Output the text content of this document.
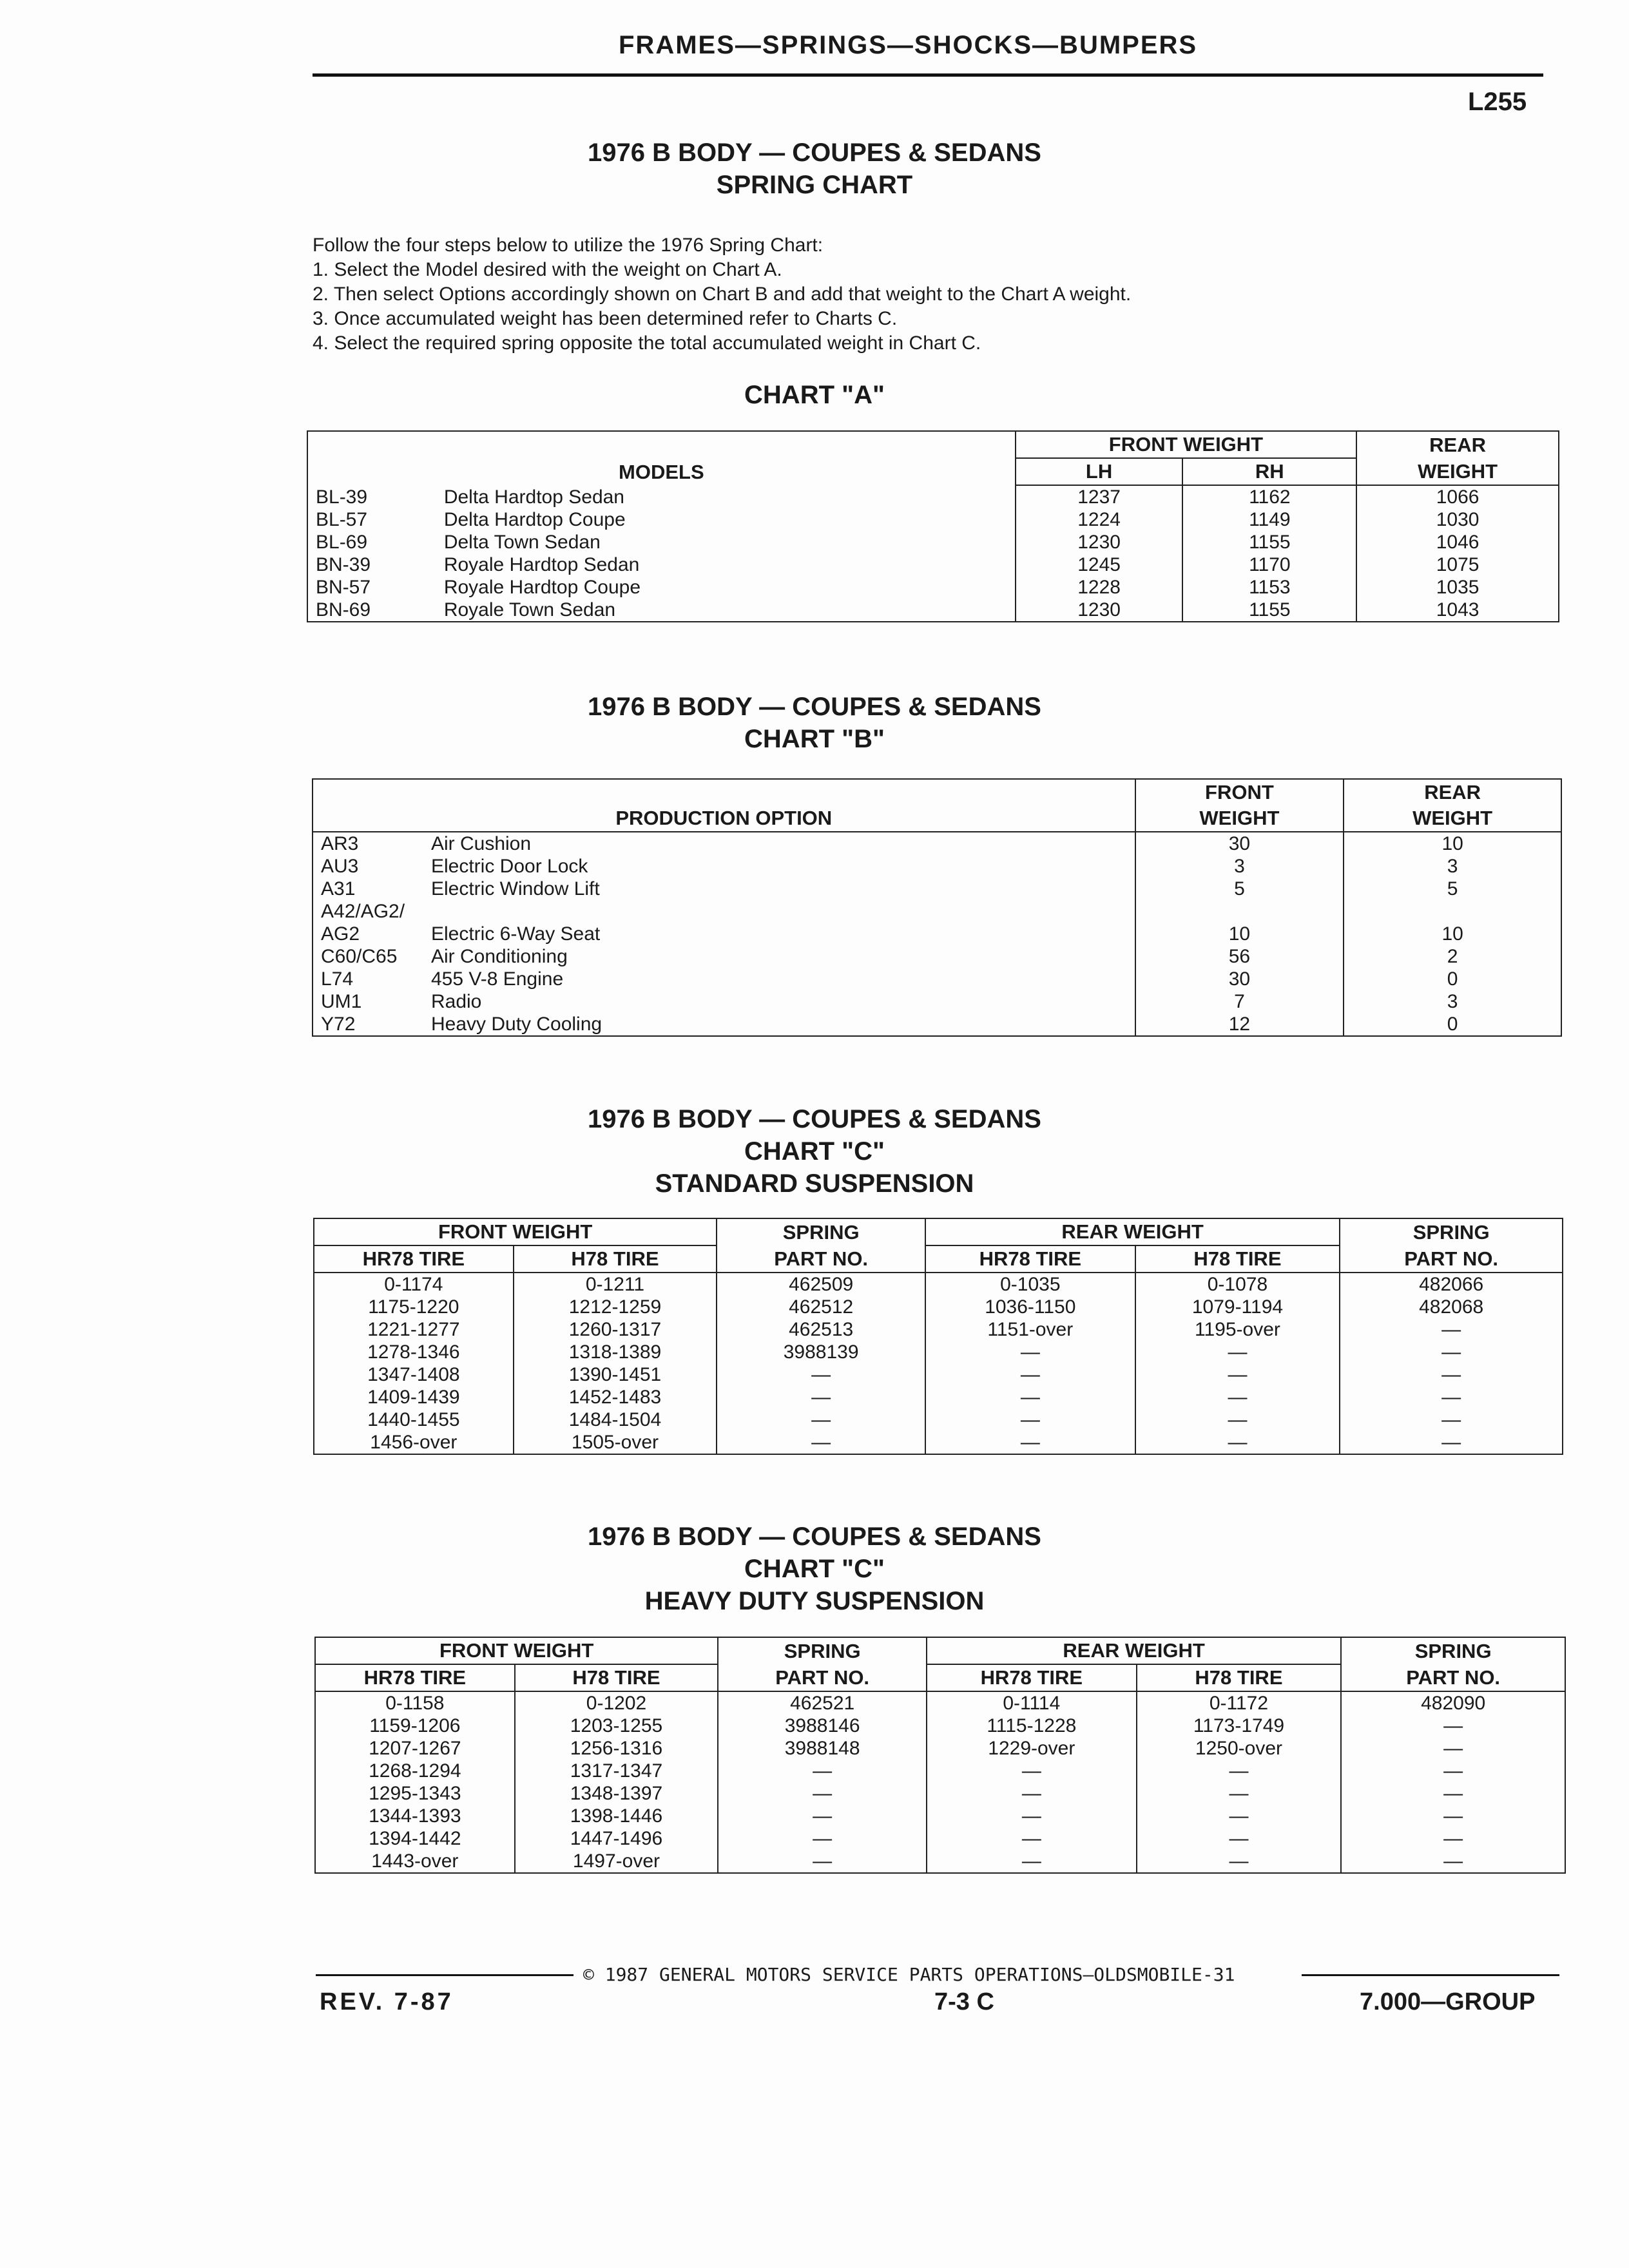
FRAMES—SPRINGS—SHOCKS—BUMPERS
L255
1976 B BODY — COUPES & SEDANS
SPRING CHART
Follow the four steps below to utilize the 1976 Spring Chart:
1. Select the Model desired with the weight on Chart A.
2. Then select Options accordingly shown on Chart B and add that weight to the Chart A weight.
3. Once accumulated weight has been determined refer to Charts C.
4. Select the required spring opposite the total accumulated weight in Chart C.
CHART "A"
MODELS		FRONT WEIGHT		REAR
		LH	RH	WEIGHT
BL-39	Delta Hardtop Sedan	1237	1162	1066
BL-57	Delta Hardtop Coupe	1224	1149	1030
BL-69	Delta Town Sedan	1230	1155	1046
BN-39	Royale Hardtop Sedan	1245	1170	1075
BN-57	Royale Hardtop Coupe	1228	1153	1035
BN-69	Royale Town Sedan	1230	1155	1043
1976 B BODY — COUPES & SEDANS
CHART "B"
PRODUCTION OPTION		FRONT	REAR
		WEIGHT	WEIGHT
AR3	Air Cushion	30	10
AU3	Electric Door Lock	3	3
A31	Electric Window Lift	5	5
A42/AG2/			
AG2	Electric 6-Way Seat	10	10
C60/C65	Air Conditioning	56	2
L74	455 V-8 Engine	30	0
UM1	Radio	7	3
Y72	Heavy Duty Cooling	12	0
1976 B BODY — COUPES & SEDANS
CHART "C"
STANDARD SUSPENSION
FRONT WEIGHT		SPRING	REAR WEIGHT		SPRING
HR78 TIRE	H78 TIRE	PART NO.	HR78 TIRE	H78 TIRE	PART NO.
0-1174	0-1211	462509	0-1035	0-1078	482066
1175-1220	1212-1259	462512	1036-1150	1079-1194	482068
1221-1277	1260-1317	462513	1151-over	1195-over	—
1278-1346	1318-1389	3988139	—	—	—
1347-1408	1390-1451	—	—	—	—
1409-1439	1452-1483	—	—	—	—
1440-1455	1484-1504	—	—	—	—
1456-over	1505-over	—	—	—	—
1976 B BODY — COUPES & SEDANS
CHART "C"
HEAVY DUTY SUSPENSION
FRONT WEIGHT		SPRING	REAR WEIGHT		SPRING
HR78 TIRE	H78 TIRE	PART NO.	HR78 TIRE	H78 TIRE	PART NO.
0-1158	0-1202	462521	0-1114	0-1172	482090
1159-1206	1203-1255	3988146	1115-1228	1173-1749	—
1207-1267	1256-1316	3988148	1229-over	1250-over	—
1268-1294	1317-1347	—	—	—	—
1295-1343	1348-1397	—	—	—	—
1344-1393	1398-1446	—	—	—	—
1394-1442	1447-1496	—	—	—	—
1443-over	1497-over	—	—	—	—
© 1987 GENERAL MOTORS SERVICE PARTS OPERATIONS—OLDSMOBILE-31
REV. 7-87	7-3 C	7.000—GROUP
